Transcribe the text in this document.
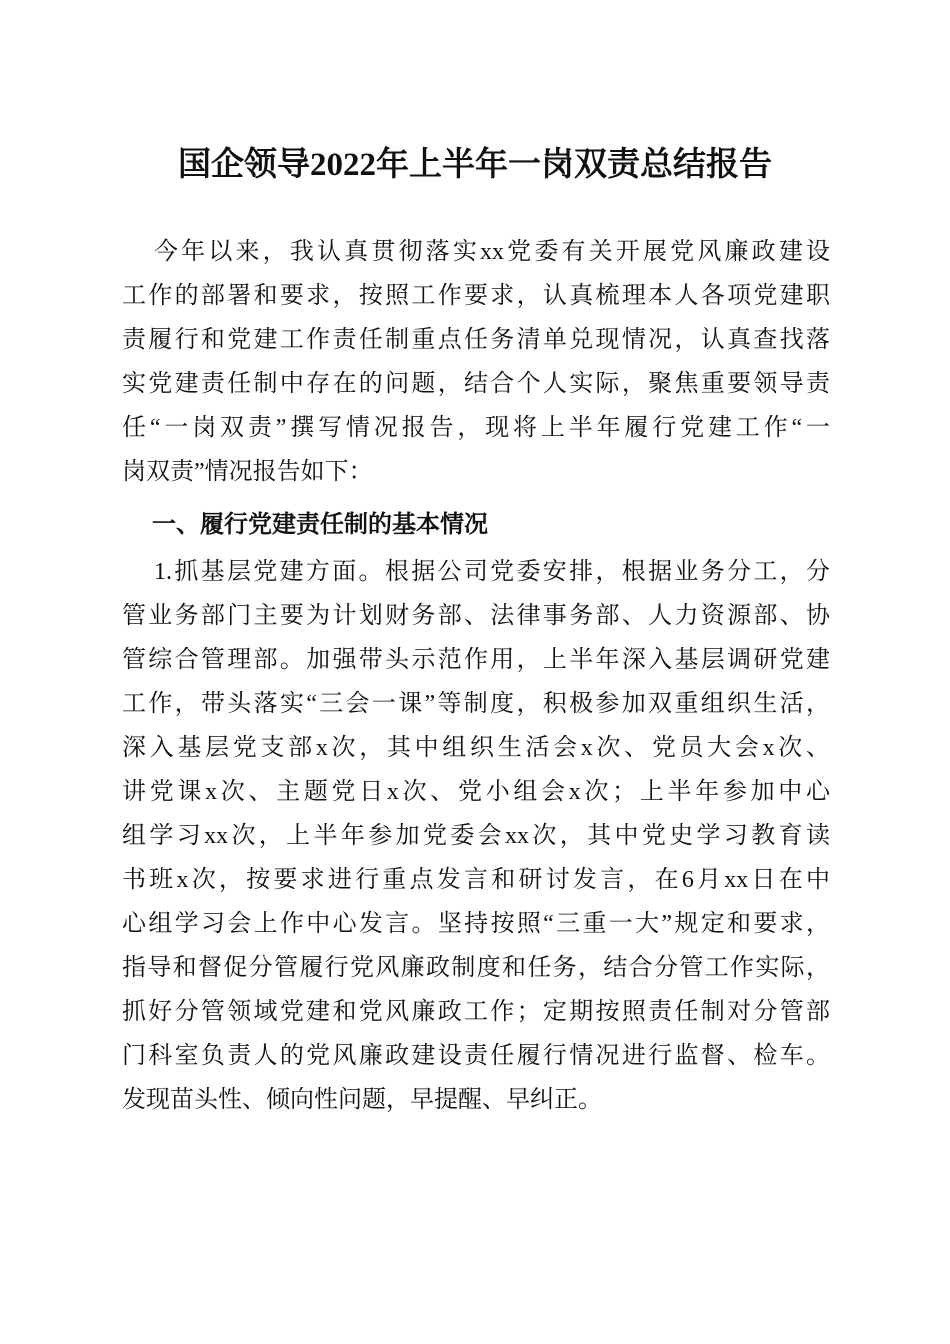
国企领导2022年上半年一岗双责总结报告
今年以来，我认真贯彻落实xx党委有关开展党风廉政建设
工作的部署和要求，按照工作要求，认真梳理本人各项党建职
责履行和党建工作责任制重点任务清单兑现情况，认真查找落
实党建责任制中存在的问题，结合个人实际，聚焦重要领导责
任“一岗双责”撰写情况报告，现将上半年履行党建工作“一
岗双责”情况报告如下：
一、履行党建责任制的基本情况
1.抓基层党建方面。根据公司党委安排，根据业务分工，分
管业务部门主要为计划财务部、法律事务部、人力资源部、协
管综合管理部。加强带头示范作用，上半年深入基层调研党建
工作，带头落实“三会一课”等制度，积极参加双重组织生活，
深入基层党支部x次，其中组织生活会x次、党员大会x次、
讲党课x次、主题党日x次、党小组会x次；上半年参加中心
组学习xx次，上半年参加党委会xx次，其中党史学习教育读
书班x次，按要求进行重点发言和研讨发言，在6月xx日在中
心组学习会上作中心发言。坚持按照“三重一大”规定和要求，
指导和督促分管履行党风廉政制度和任务，结合分管工作实际，
抓好分管领域党建和党风廉政工作；定期按照责任制对分管部
门科室负责人的党风廉政建设责任履行情况进行监督、检车。
发现苗头性、倾向性问题，早提醒、早纠正。
